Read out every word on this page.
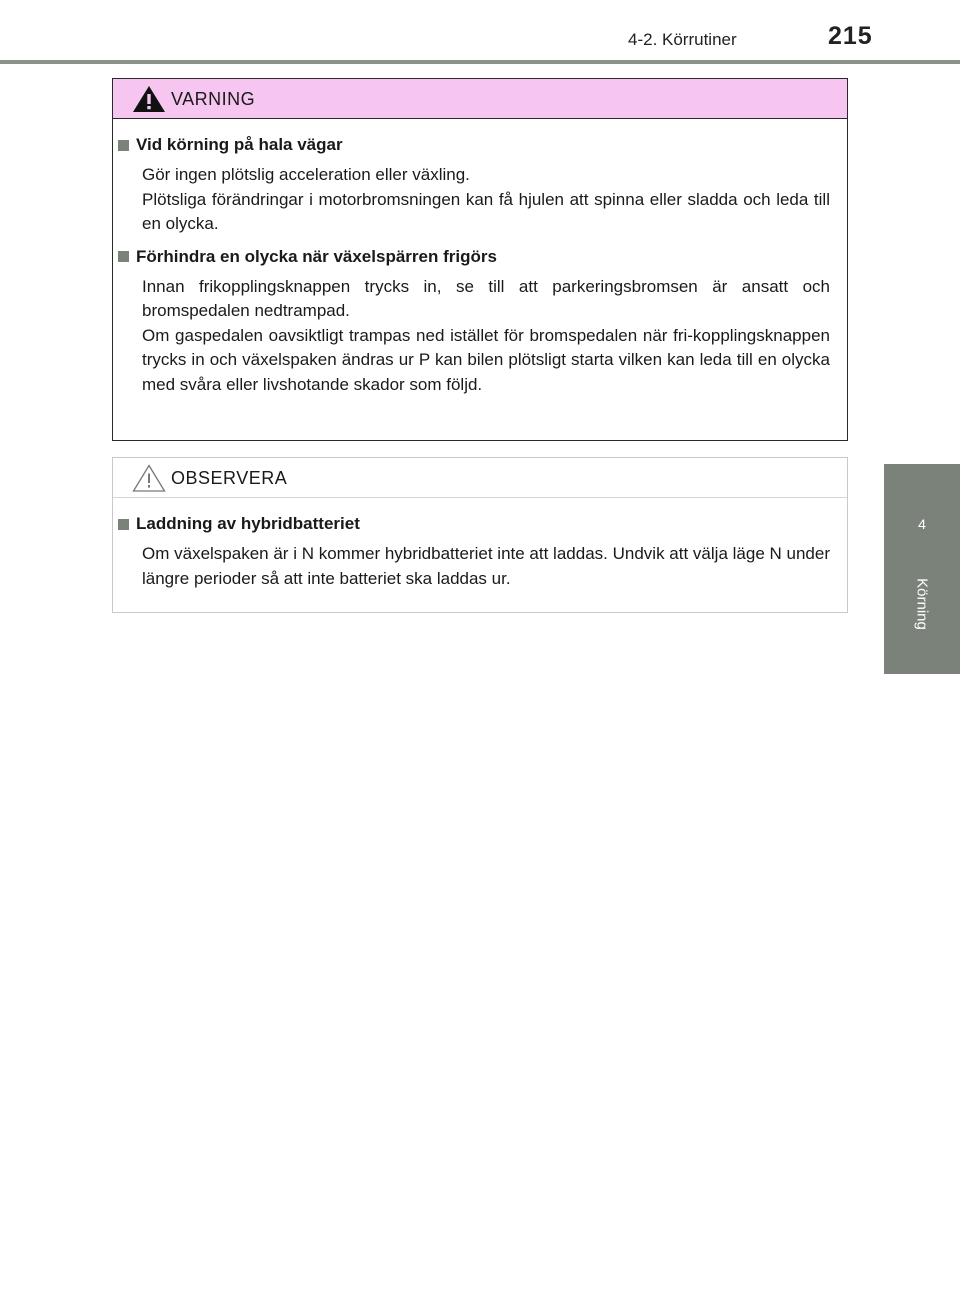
4-2. Körrutiner	215
4
Körning
VARNING

Vid körning på hala vägar

Gör ingen plötslig acceleration eller växling.

Plötsliga förändringar i motorbromsningen kan få hjulen att spinna eller sladda och leda till en olycka.

Förhindra en olycka när växelspärren frigörs

Innan frikopplingsknappen trycks in, se till att parkeringsbromsen är ansatt och bromspedalen nedtrampad.

Om gaspedalen oavsiktligt trampas ned istället för bromspedalen när fri-kopplingsknappen trycks in och växelspaken ändras ur P kan bilen plötsligt starta vilken kan leda till en olycka med svåra eller livshotande skador som följd.

OBSERVERA

Laddning av hybridbatteriet

Om växelspaken är i N kommer hybridbatteriet inte att laddas. Undvik att välja läge N under längre perioder så att inte batteriet ska laddas ur.
